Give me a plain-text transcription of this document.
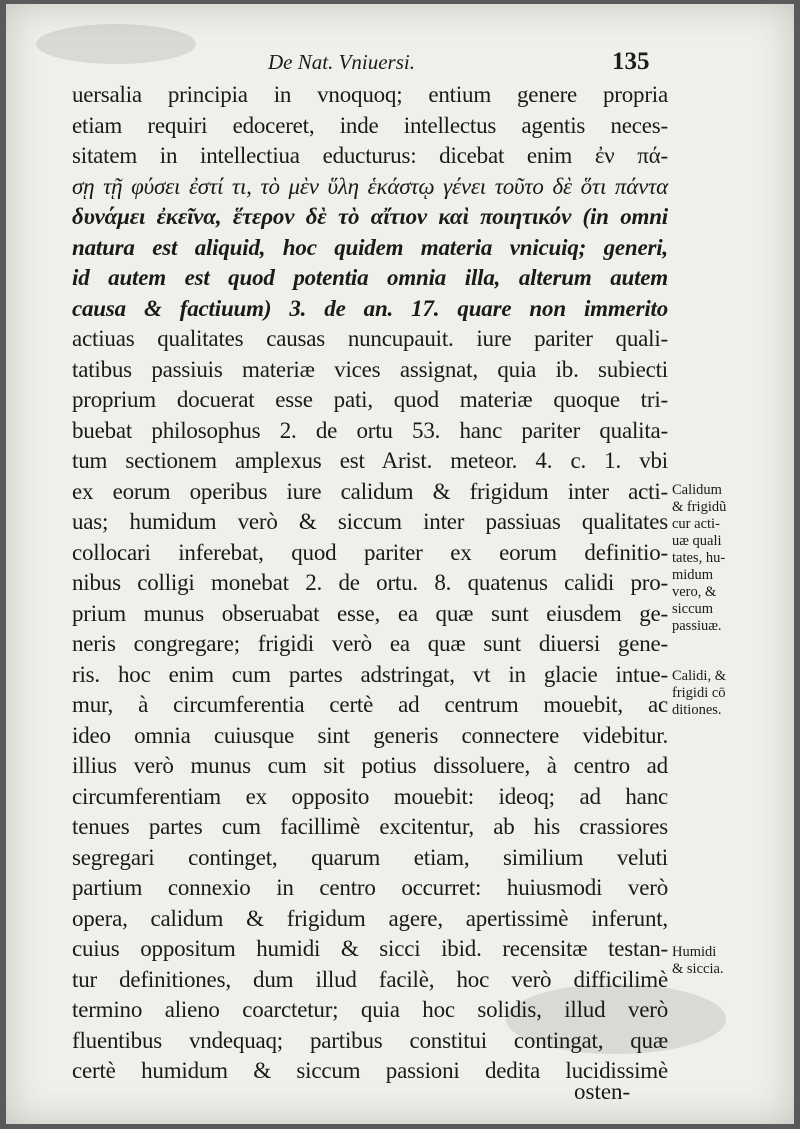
De Nat. Vniuersi.	135
uersalia principia in vnoquoq; entium genere propria
etiam requiri edoceret, inde intellectus agentis neces-
sitatem in intellectiua educturus: dicebat enim ἐν πά-
σῃ τῇ φύσει ἐστί τι, τὸ μὲν ὕλη ἑκάστῳ γένει τοῦτο δὲ ὅτι πάντα
δυνάμει ἐκεῖνα, ἕτερον δὲ τὸ αἴτιον καὶ ποιητικόν (in omni
natura est aliquid, hoc quidem materia vnicuiq; generi,
id autem est quod potentia omnia illa, alterum autem
causa & factiuum) 3. de an. 17. quare non immerito
actiuas qualitates causas nuncupauit. iure pariter quali-
tatibus passiuis materiæ vices assignat, quia ib. subiecti
proprium docuerat esse pati, quod materiæ quoque tri-
buebat philosophus 2. de ortu 53. hanc pariter qualita-
tum sectionem amplexus est Arist. meteor. 4. c. 1. vbi
ex eorum operibus iure calidum & frigidum inter acti-
uas; humidum verò & siccum inter passiuas qualitates
collocari inferebat, quod pariter ex eorum definitio-
nibus colligi monebat 2. de ortu. 8. quatenus calidi pro-
prium munus obseruabat esse, ea quæ sunt eiusdem ge-
neris congregare; frigidi verò ea quæ sunt diuersi gene-
ris. hoc enim cum partes adstringat, vt in glacie intue-
mur, à circumferentia certè ad centrum mouebit, ac
ideo omnia cuiusque sint generis connectere videbitur.
illius verò munus cum sit potius dissoluere, à centro ad
circumferentiam ex opposito mouebit: ideoq; ad hanc
tenues partes cum facillimè excitentur, ab his crassiores
segregari continget, quarum etiam, similium veluti
partium connexio in centro occurret: huiusmodi verò
opera, calidum & frigidum agere, apertissimè inferunt,
cuius oppositum humidi & sicci ibid. recensitæ testan-
tur definitiones, dum illud facilè, hoc verò difficilimè
termino alieno coarctetur; quia hoc solidis, illud verò
fluentibus vndequaq; partibus constitui contingat, quæ
certè humidum & siccum passioni dedita lucidissimè
osten-
Calidum
& frigidũ
cur acti-
uæ quali
tates, hu-
midum
vero, &
siccum
passiuæ.
Calidi, &
frigidi cō
ditiones.
Humidi
& siccia.
